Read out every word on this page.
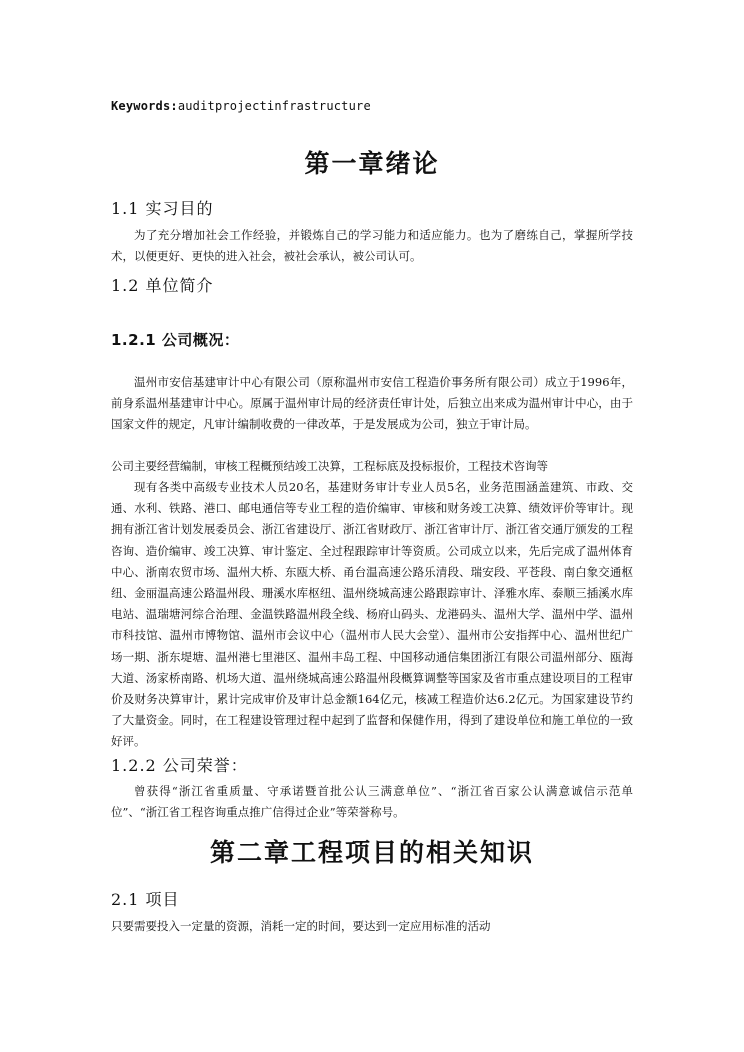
Keywords:auditprojectinfrastructure
第一章绪论
1.1 实习目的

为了充分增加社会工作经验，并锻炼自己的学习能力和适应能力。也为了磨练自己，掌握所学技术，以便更好、更快的进入社会，被社会承认，被公司认可。

1.2 单位简介
1.2.1 公司概况：

温州市安信基建审计中心有限公司（原称温州市安信工程造价事务所有限公司）成立于1996年，前身系温州基建审计中心。原属于温州审计局的经济责任审计处，后独立出来成为温州审计中心，由于国家文件的规定，凡审计编制收费的一律改革，于是发展成为公司，独立于审计局。

公司主要经营编制，审核工程概预结竣工决算，工程标底及投标报价，工程技术咨询等

现有各类中高级专业技术人员20名，基建财务审计专业人员5名，业务范围涵盖建筑、市政、交通、水利、铁路、港口、邮电通信等专业工程的造价编审、审核和财务竣工决算、绩效评价等审计。现拥有浙江省计划发展委员会、浙江省建设厅、浙江省财政厅、浙江省审计厅、浙江省交通厅颁发的工程咨询、造价编审、竣工决算、审计鉴定、全过程跟踪审计等资质。公司成立以来，先后完成了温州体育中心、浙南农贸市场、温州大桥、东瓯大桥、甬台温高速公路乐清段、瑞安段、平苍段、南白象交通枢纽、金丽温高速公路温州段、珊溪水库枢纽、温州绕城高速公路跟踪审计、泽雅水库、泰顺三插溪水库电站、温瑞塘河综合治理、金温铁路温州段全线、杨府山码头、龙港码头、温州大学、温州中学、温州市科技馆、温州市博物馆、温州市会议中心（温州市人民大会堂）、温州市公安指挥中心、温州世纪广场一期、浙东堤塘、温州港七里港区、温州丰岛工程、中国移动通信集团浙江有限公司温州部分、瓯海大道、汤家桥南路、机场大道、温州绕城高速公路温州段概算调整等国家及省市重点建设项目的工程审价及财务决算审计，累计完成审价及审计总金额164亿元，核减工程造价达6.2亿元。为国家建设节约了大量资金。同时，在工程建设管理过程中起到了监督和保健作用，得到了建设单位和施工单位的一致好评。

1.2.2 公司荣誉：

曾获得“浙江省重质量、守承诺暨首批公认三满意单位”、“浙江省百家公认满意诚信示范单位”、“浙江省工程咨询重点推广信得过企业”等荣誉称号。

第二章工程项目的相关知识
2.1 项目

只要需要投入一定量的资源，消耗一定的时间，要达到一定应用标准的活动
